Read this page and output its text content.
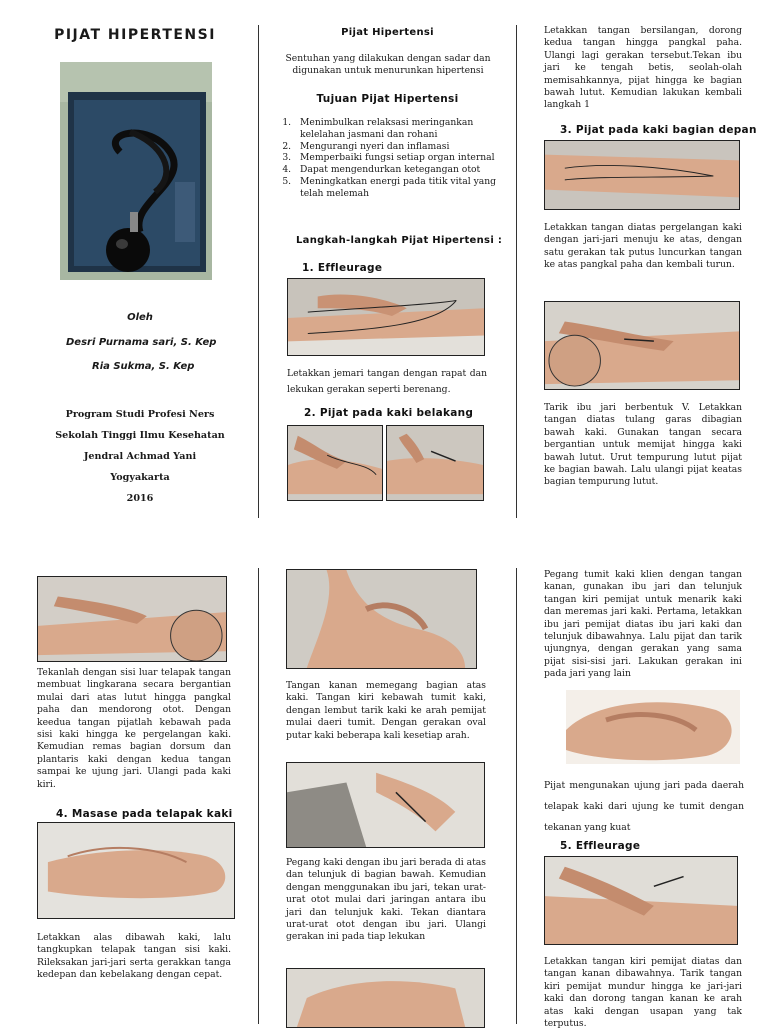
PIJAT HIPERTENSI
Oleh
Desri Purnama sari, S. Kep
Ria Sukma, S. Kep
Program Studi Profesi Ners
Sekolah Tinggi Ilmu Kesehatan
Jendral Achmad Yani
Yogyakarta
2016
Pijat Hipertensi
Sentuhan yang dilakukan dengan sadar dan digunakan untuk menurunkan hipertensi
Tujuan Pijat Hipertensi
1. Menimbulkan relaksasi meringankan kelelahan jasmani dan rohani
2. Mengurangi nyeri dan inflamasi
3. Memperbaiki fungsi setiap organ internal
4. Dapat mengendurkan ketegangan otot
5. Meningkatkan energi pada titik vital yang telah melemah
Langkah-langkah Pijat Hipertensi :
1. Effleurage
Letakkan jemari tangan dengan rapat dan lekukan gerakan seperti berenang.
2. Pijat pada kaki belakang
Letakkan tangan bersilangan, dorong kedua tangan hingga pangkal paha. Ulangi lagi gerakan tersebut.Tekan ibu jari ke tengah betis, seolah-olah memisahkannya, pijat hingga ke bagian bawah lutut. Kemudian lakukan kembali langkah 1
3. Pijat pada kaki bagian depan
Letakkan tangan diatas pergelangan kaki dengan jari-jari menuju ke atas, dengan satu gerakan tak putus luncurkan tangan ke atas pangkal paha dan kembali turun.
Tarik ibu jari berbentuk V. Letakkan tangan diatas tulang garas dibagian bawah kaki. Gunakan tangan secara bergantian untuk memijat hingga kaki bawah lutut. Urut tempurung lutut pijat ke bagian bawah. Lalu ulangi pijat keatas bagian tempurung lutut.
Tekanlah dengan sisi luar telapak tangan membuat lingkarana secara bergantian mulai dari atas lutut hingga pangkal paha dan mendorong otot. Dengan keedua tangan pijatlah kebawah pada sisi kaki hingga ke pergelangan kaki. Kemudian remas bagian dorsum dan plantaris kaki dengan kedua tangan sampai ke ujung jari. Ulangi pada kaki kiri.
4. Masase pada telapak kaki
Letakkan alas dibawah kaki, lalu tangkupkan telapak tangan sisi kaki. Rileksakan jari-jari serta gerakkan tanga kedepan dan kebelakang dengan cepat.
Tangan kanan memegang bagian atas kaki. Tangan kiri kebawah tumit kaki, dengan lembut tarik kaki ke arah pemijat mulai daeri tumit. Dengan gerakan oval putar kaki beberapa kali kesetiap arah.
Pegang kaki dengan ibu jari berada di atas dan telunjuk di bagian bawah. Kemudian dengan menggunakan ibu jari, tekan urat-urat otot mulai dari jaringan antara ibu jari dan telunjuk kaki. Tekan diantara urat-urat otot dengan ibu jari. Ulangi gerakan ini pada tiap lekukan
Pegang tumit kaki klien dengan tangan kanan, gunakan ibu jari dan telunjuk tangan kiri pemijat untuk menarik kaki dan meremas jari kaki. Pertama, letakkan ibu jari pemijat diatas ibu jari kaki dan telunjuk dibawahnya. Lalu pijat dan tarik ujungnya, dengan gerakan yang sama pijat sisi-sisi jari. Lakukan gerakan ini pada jari yang lain
Pijat mengunakan ujung jari pada daerah telapak kaki dari ujung ke tumit dengan tekanan yang kuat
5. Effleurage
Letakkan tangan kiri pemijat diatas dan tangan kanan dibawahnya. Tarik tangan kiri pemijat mundur hingga ke jari-jari kaki dan dorong tangan kanan ke arah atas kaki dengan usapan yang tak terputus.
